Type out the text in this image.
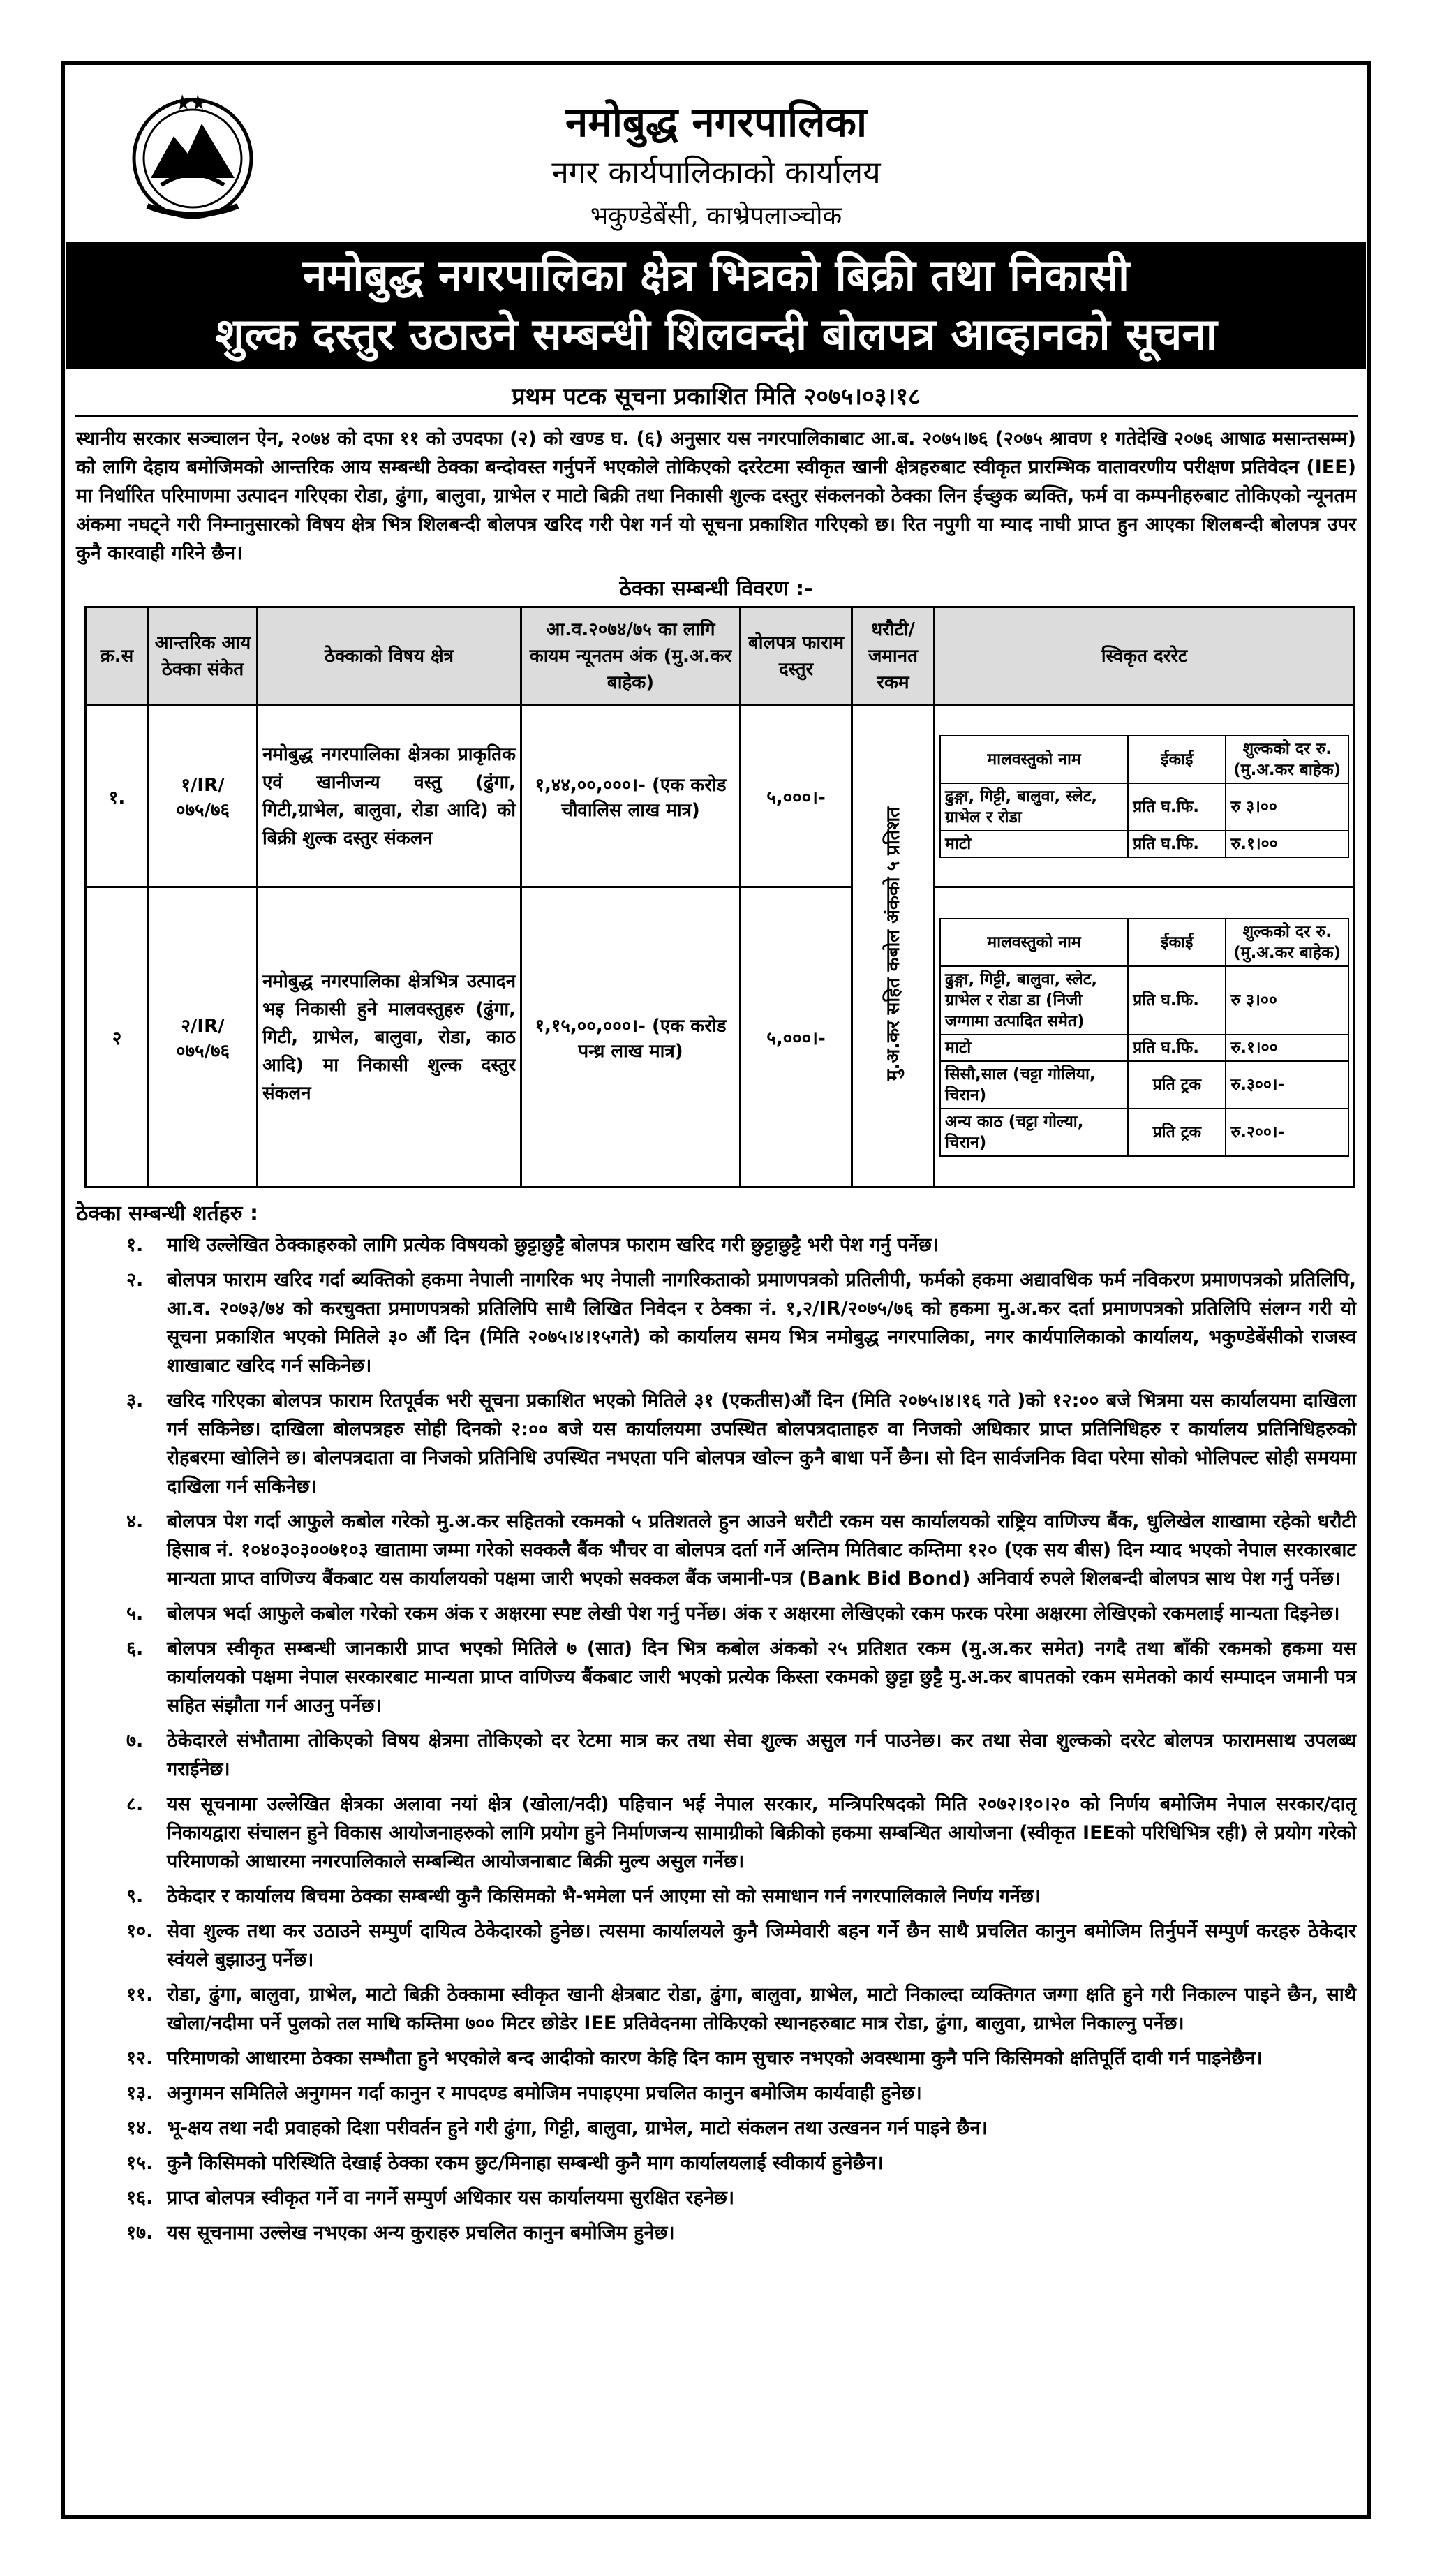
नमोबुद्ध नगरपालिका
नगर कार्यपालिकाको कार्यालय
भकुण्डेबेंसी, काभ्रेपलाञ्चोक
नमोबुद्ध नगरपालिका क्षेत्र भित्रको बिक्री तथा निकासी
शुल्क दस्तुर उठाउने सम्बन्धी शिलवन्दी बोलपत्र आव्हानको सूचना
प्रथम पटक सूचना प्रकाशित मिति २०७५।०३।१८
स्थानीय सरकार सञ्चालन ऐन, २०७४ को दफा ११ को उपदफा (२) को खण्ड घ. (६) अनुसार यस नगरपालिकाबाट आ.ब. २०७५।७६ (२०७५ श्रावण १ गतेदेखि २०७६ आषाढ मसान्तसम्म) को लागि देहाय बमोजिमको आन्तरिक आय सम्बन्धी ठेक्का बन्दोवस्त गर्नुपर्ने भएकोले तोकिएको दररेटमा स्वीकृत खानी क्षेत्रहरुबाट स्वीकृत प्रारम्भिक वातावरणीय परीक्षण प्रतिवेदन (IEE) मा निर्धारित परिमाणमा उत्पादन गरिएका रोडा, ढुंगा, बालुवा, ग्राभेल र माटो बिक्री तथा निकासी शुल्क दस्तुर संकलनको ठेक्का लिन ईच्छुक ब्यक्ति, फर्म वा कम्पनीहरुबाट तोकिएको न्यूनतम अंकमा नघट्ने गरी निम्नानुसारको विषय क्षेत्र भित्र शिलबन्दी बोलपत्र खरिद गरी पेश गर्न यो सूचना प्रकाशित गरिएको छ। रित नपुगी या म्याद नाघी प्राप्त हुन आएका शिलबन्दी बोलपत्र उपर कुनै कारवाही गरिने छैन।
ठेक्का सम्बन्धी विवरण :-
क्र.स	आन्तरिक आय ठेक्का संकेत	ठेक्काको विषय क्षेत्र	आ.व.२०७४/७५ का लागि कायम न्यूनतम अंक (मु.अ.कर बाहेक)	बोलपत्र फाराम दस्तुर	धरौटी/ जमानत रकम	स्विकृत दररेट
१.	१/IR/ ०७५/७६	नमोबुद्ध नगरपालिका क्षेत्रका प्राकृतिक एवं खानीजन्य वस्तु (ढुंगा, गिटी,ग्राभेल, बालुवा, रोडा आदि) को बिक्री शुल्क दस्तुर संकलन	१,४४,००,०००।- (एक करोड चौवालिस लाख मात्र)	५,०००।-	मु.अ.कर सहित कबोल अंकको ५ प्रतिशत	
मालवस्तुको नाम	ईकाई	शुल्कको दर रु.(मु.अ.कर बाहेक)
ढुङ्गा, गिट्टी, बालुवा, स्लेट, ग्राभेल र रोडा	प्रति घ.फि.	रु ३।००
माटो	प्रति घ.फि.	रु.१।००

२	२/IR/ ०७५/७६	नमोबुद्ध नगरपालिका क्षेत्रभित्र उत्पादन भइ निकासी हुने मालवस्तुहरु (ढुंगा, गिटी, ग्राभेल, बालुवा, रोडा, काठ आदि) मा निकासी शुल्क दस्तुर संकलन	१,१५,००,०००।- (एक करोड पन्ध्र लाख मात्र)	५,०००।-	
मालवस्तुको नाम	ईकाई	शुल्कको दर रु.(मु.अ.कर बाहेक)
ढुङ्गा, गिट्टी, बालुवा, स्लेट, ग्राभेल र रोडा डा (निजी जग्गामा उत्पादित समेत)	प्रति घ.फि.	रु ३।००
माटो	प्रति घ.फि.	रु.१।००
सिसौ,साल (चट्टा गोलिया, चिरान)	प्रति ट्रक	रु.३००।-
अन्य काठ (चट्टा गोल्या, चिरान)	प्रति ट्रक	रु.२००।-
ठेक्का सम्बन्धी शर्तहरु :
१.	माथि उल्लेखित ठेक्काहरुको लागि प्रत्येक विषयको छुट्टाछुट्टै बोलपत्र फाराम खरिद गरी छुट्टाछुट्टै भरी पेश गर्नु पर्नेछ।
२.	बोलपत्र फाराम खरिद गर्दा ब्यक्तिको हकमा नेपाली नागरिक भए नेपाली नागरिकताको प्रमाणपत्रको प्रतिलीपी, फर्मको हकमा अद्यावधिक फर्म नविकरण प्रमाणपत्रको प्रतिलिपि, आ.व. २०७३/७४ को करचुक्ता प्रमाणपत्रको प्रतिलिपि साथै लिखित निवेदन र ठेक्का नं. १,२/IR/२०७५/७६ को हकमा मु.अ.कर दर्ता प्रमाणपत्रको प्रतिलिपि संलग्न गरी यो सूचना प्रकाशित भएको मितिले ३० औं दिन (मिति २०७५।४।१५गते) को कार्यालय समय भित्र नमोबुद्ध नगरपालिका, नगर कार्यपालिकाको कार्यालय, भकुण्डेबेंसीको राजस्व शाखाबाट खरिद गर्न सकिनेछ।
३.	खरिद गरिएका बोलपत्र फाराम रितपूर्वक भरी सूचना प्रकाशित भएको मितिले ३१ (एकतीस)औं दिन (मिति २०७५।४।१६ गते )को १२:०० बजे भित्रमा यस कार्यालयमा दाखिला गर्न सकिनेछ। दाखिला बोलपत्रहरु सोही दिनको २:०० बजे यस कार्यालयमा उपस्थित बोलपत्रदाताहरु वा निजको अधिकार प्राप्त प्रतिनिधिहरु र कार्यालय प्रतिनिधिहरुको रोहबरमा खोलिने छ। बोलपत्रदाता वा निजको प्रतिनिधि उपस्थित नभएता पनि बोलपत्र खोल्न कुनै बाधा पर्ने छैन। सो दिन सार्वजनिक विदा परेमा सोको भोलिपल्ट सोही समयमा दाखिला गर्न सकिनेछ।
४.	बोलपत्र पेश गर्दा आफुले कबोल गरेको मु.अ.कर सहितको रकमको ५ प्रतिशतले हुन आउने धरौटी रकम यस कार्यालयको राष्ट्रिय वाणिज्य बैंक, धुलिखेल शाखामा रहेको धरौटी हिसाब नं. १०४०३०३००७१०३ खातामा जम्मा गरेको सक्कलै बैंक भौचर वा बोलपत्र दर्ता गर्ने अन्तिम मितिबाट कम्तिमा १२० (एक सय बीस) दिन म्याद भएको नेपाल सरकारबाट मान्यता प्राप्त वाणिज्य बैंकबाट यस कार्यालयको पक्षमा जारी भएको सक्कल बैंक जमानी-पत्र (Bank Bid Bond) अनिवार्य रुपले शिलबन्दी बोलपत्र साथ पेश गर्नु पर्नेछ।
५.	बोलपत्र भर्दा आफुले कबोल गरेको रकम अंक र अक्षरमा स्पष्ट लेखी पेश गर्नु पर्नेछ। अंक र अक्षरमा लेखिएको रकम फरक परेमा अक्षरमा लेखिएको रकमलाई मान्यता दिइनेछ।
६.	बोलपत्र स्वीकृत सम्बन्धी जानकारी प्राप्त भएको मितिले ७ (सात) दिन भित्र कबोल अंकको २५ प्रतिशत रकम (मु.अ.कर समेत) नगदै तथा बाँकी रकमको हकमा यस कार्यालयको पक्षमा नेपाल सरकारबाट मान्यता प्राप्त वाणिज्य बैंकबाट जारी भएको प्रत्येक किस्ता रकमको छुट्टा छुट्टै मु.अ.कर बापतको रकम समेतको कार्य सम्पादन जमानी पत्र सहित संझौता गर्न आउनु पर्नेछ।
७.	ठेकेदारले संभौतामा तोकिएको विषय क्षेत्रमा तोकिएको दर रेटमा मात्र कर तथा सेवा शुल्क असुल गर्न पाउनेछ। कर तथा सेवा शुल्कको दररेट बोलपत्र फारामसाथ उपलब्ध गराईनेछ।
८.	यस सूचनामा उल्लेखित क्षेत्रका अलावा नयां क्षेत्र (खोला/नदी) पहिचान भई नेपाल सरकार, मन्त्रिपरिषदको मिति २०७२।१०।२० को निर्णय बमोजिम नेपाल सरकार/दातृ निकायद्वारा संचालन हुने विकास आयोजनाहरुको लागि प्रयोग हुने निर्माणजन्य सामाग्रीको बिक्रीको हकमा सम्बन्धित आयोजना (स्वीकृत IEEको परिधिभित्र रही) ले प्रयोग गरेको परिमाणको आधारमा नगरपालिकाले सम्बन्धित आयोजनाबाट बिक्री मुल्य असुल गर्नेछ।
९.	ठेकेदार र कार्यालय बिचमा ठेक्का सम्बन्धी कुनै किसिमको भै-भमेला पर्न आएमा सो को समाधान गर्न नगरपालिकाले निर्णय गर्नेछ।
१०. सेवा शुल्क तथा कर उठाउने सम्पुर्ण दायित्व ठेकेदारको हुनेछ। त्यसमा कार्यालयले कुनै जिम्मेवारी बहन गर्ने छैन साथै प्रचलित कानुन बमोजिम तिर्नुपर्ने सम्पुर्ण करहरु ठेकेदार स्वंयले बुझाउनु पर्नेछ।
११. रोडा, ढुंगा, बालुवा, ग्राभेल, माटो बिक्री ठेक्कामा स्वीकृत खानी क्षेत्रबाट रोडा, ढुंगा, बालुवा, ग्राभेल, माटो निकाल्दा व्यक्तिगत जग्गा क्षति हुने गरी निकाल्न पाइने छैन, साथै खोला/नदीमा पर्ने पुलको तल माथि कम्तिमा ७०० मिटर छोडेर IEE प्रतिवेदनमा तोकिएको स्थानहरुबाट मात्र रोडा, ढुंगा, बालुवा, ग्राभेल निकाल्नु पर्नेछ।
१२. परिमाणको आधारमा ठेक्का सम्भौता हुने भएकोले बन्द आदीको कारण केहि दिन काम सुचारु नभएको अवस्थामा कुनै पनि किसिमको क्षतिपूर्ति दावी गर्न पाइनेछैन।
१३. अनुगमन समितिले अनुगमन गर्दा कानुन र मापदण्ड बमोजिम नपाइएमा प्रचलित कानुन बमोजिम कार्यवाही हुनेछ।
१४. भू-क्षय तथा नदी प्रवाहको दिशा परीवर्तन हुने गरी ढुंगा, गिट्टी, बालुवा, ग्राभेल, माटो संकलन तथा उत्खनन गर्न पाइने छैन।
१५. कुनै किसिमको परिस्थिति देखाई ठेक्का रकम छुट/मिनाहा सम्बन्धी कुनै माग कार्यालयलाई स्वीकार्य हुनेछैन।
१६. प्राप्त बोलपत्र स्वीकृत गर्ने वा नगर्ने सम्पुर्ण अधिकार यस कार्यालयमा सुरक्षित रहनेछ।
१७. यस सूचनामा उल्लेख नभएका अन्य कुराहरु प्रचलित कानुन बमोजिम हुनेछ।
